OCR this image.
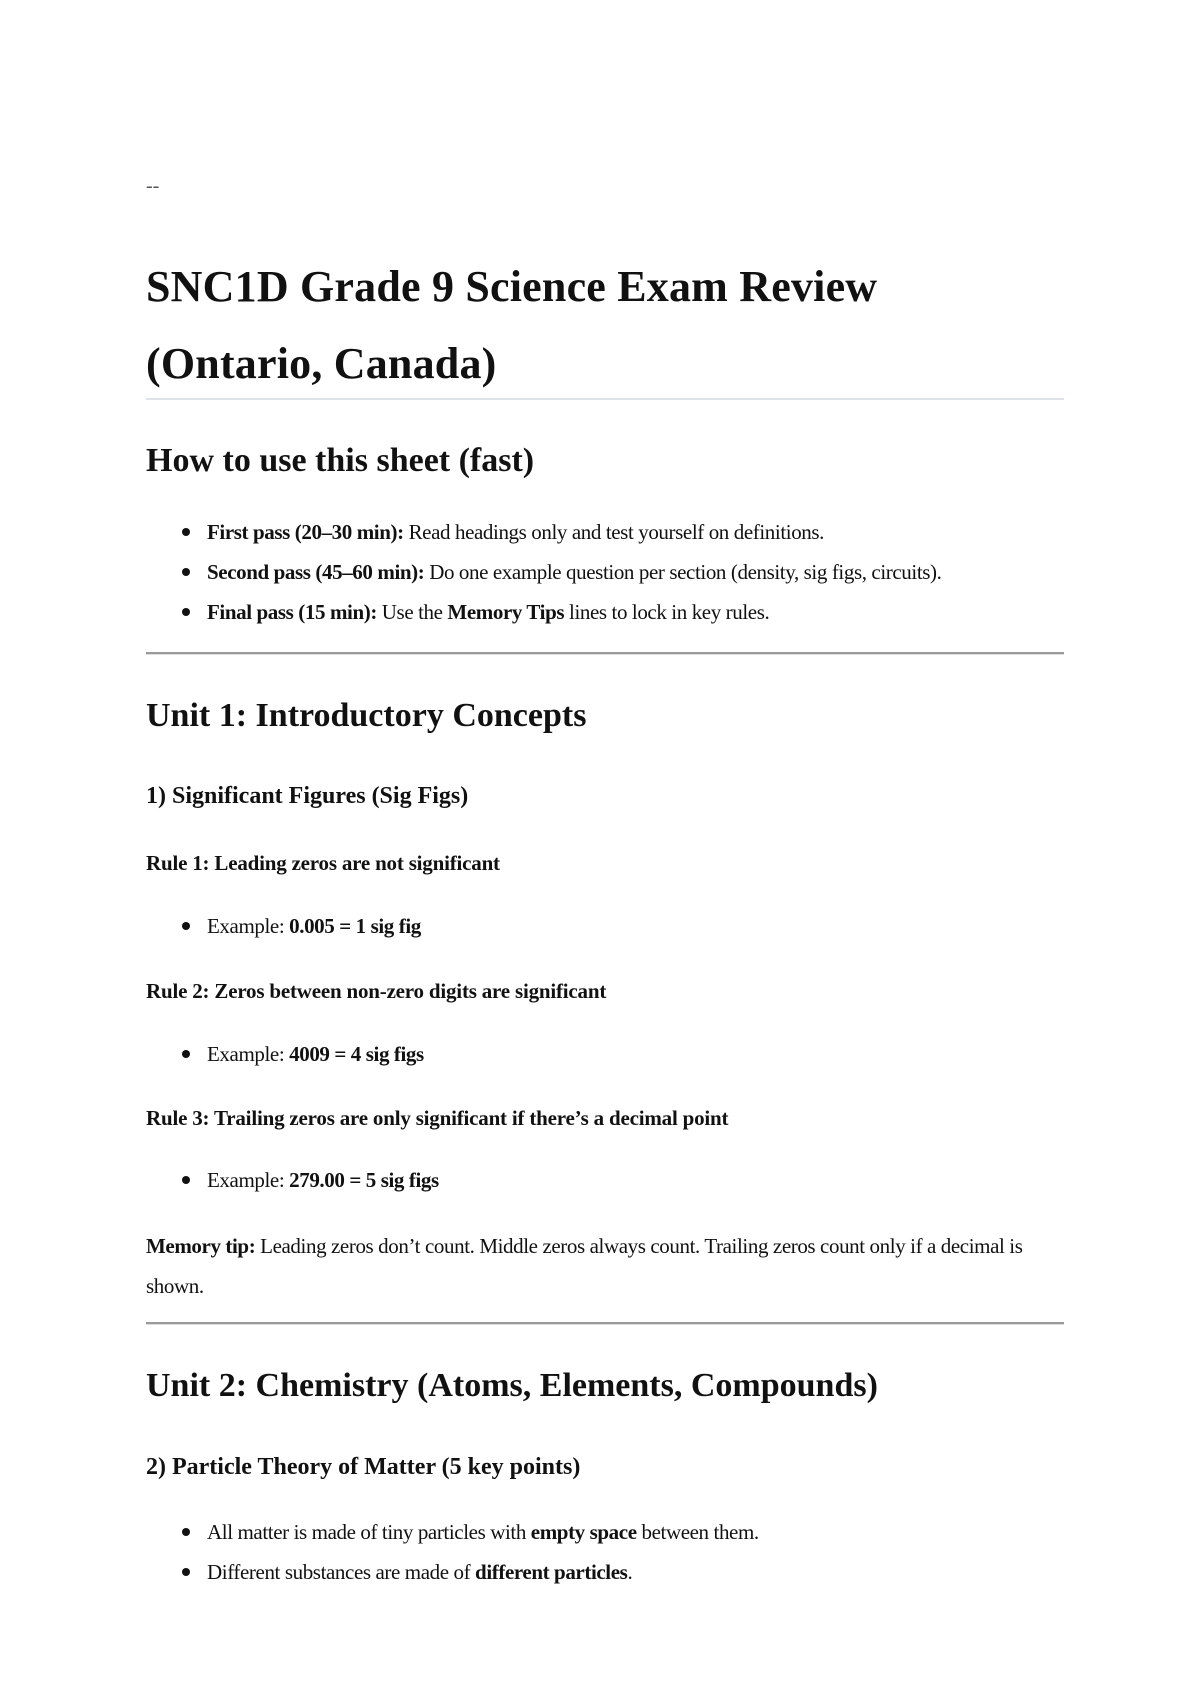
--

SNC1D Grade 9 Science Exam Review (Ontario, Canada)
How to use this sheet (fast)
First pass (20–30 min): Read headings only and test yourself on definitions.
Second pass (45–60 min): Do one example question per section (density, sig figs, circuits).
Final pass (15 min): Use the Memory Tips lines to lock in key rules.
Unit 1: Introductory Concepts
1) Significant Figures (Sig Figs)

Rule 1: Leading zeros are not significant

Example: 0.005 = 1 sig fig

Rule 2: Zeros between non-zero digits are significant

Example: 4009 = 4 sig figs

Rule 3: Trailing zeros are only significant if there’s a decimal point

Example: 279.00 = 5 sig figs

Memory tip: Leading zeros don’t count. Middle zeros always count. Trailing zeros count only if a decimal is shown.

Unit 2: Chemistry (Atoms, Elements, Compounds)
2) Particle Theory of Matter (5 key points)
All matter is made of tiny particles with empty space between them.
Different substances are made of different particles.
